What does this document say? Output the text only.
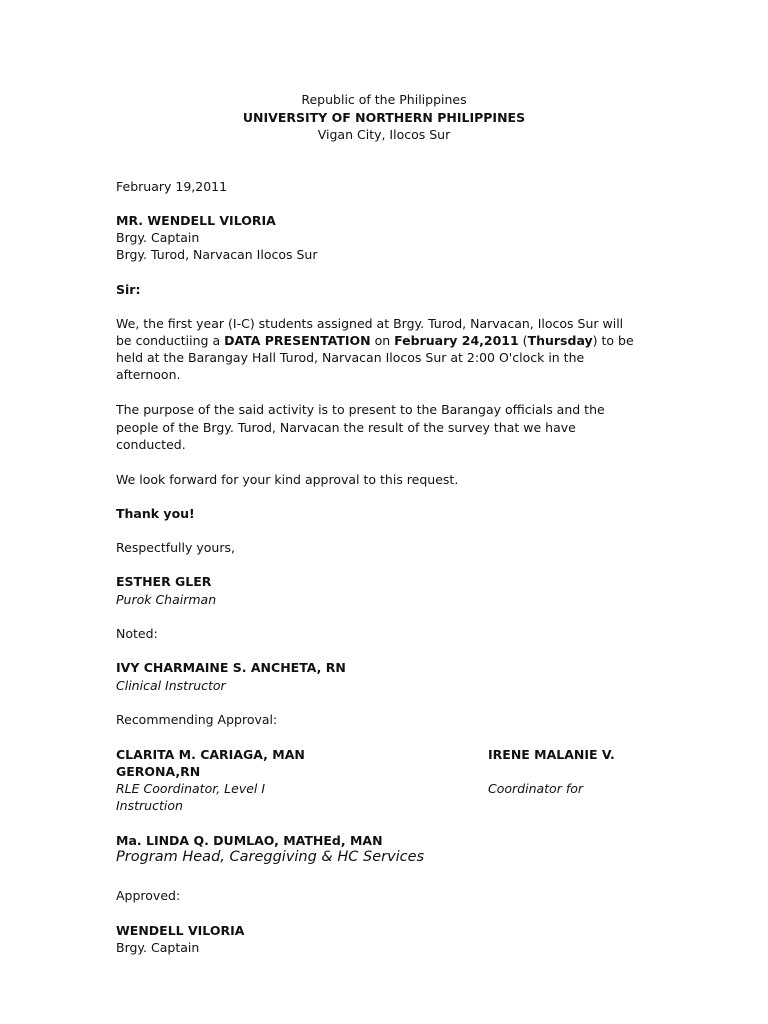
Republic of the Philippines
UNIVERSITY OF NORTHERN PHILIPPINES
Vigan City, Ilocos Sur
February 19,2011
MR. WENDELL VILORIA
Brgy. Captain
Brgy. Turod, Narvacan Ilocos Sur
Sir:
We, the first year (I-C) students assigned at Brgy. Turod, Narvacan, Ilocos Sur will
be conductiing a DATA PRESENTATION on February 24,2011 (Thursday) to be
held at the Barangay Hall Turod, Narvacan Ilocos Sur at 2:00 O'clock in the
afternoon.
The purpose of the said activity is to present to the Barangay officials and the
people of the Brgy. Turod, Narvacan the result of the survey that we have
conducted.
We look forward for your kind approval to this request.
Thank you!
Respectfully yours,
ESTHER GLER
Purok Chairman
Noted:
IVY CHARMAINE S. ANCHETA, RN
Clinical Instructor
Recommending Approval:
CLARITA M. CARIAGA, MAN
GERONA,RN
RLE Coordinator, Level I
Instruction
IRENE MALANIE V.
Coordinator for
Ma. LINDA Q. DUMLAO, MATHEd, MAN
Program Head, Careggiving & HC Services
Approved:
WENDELL VILORIA
Brgy. Captain
